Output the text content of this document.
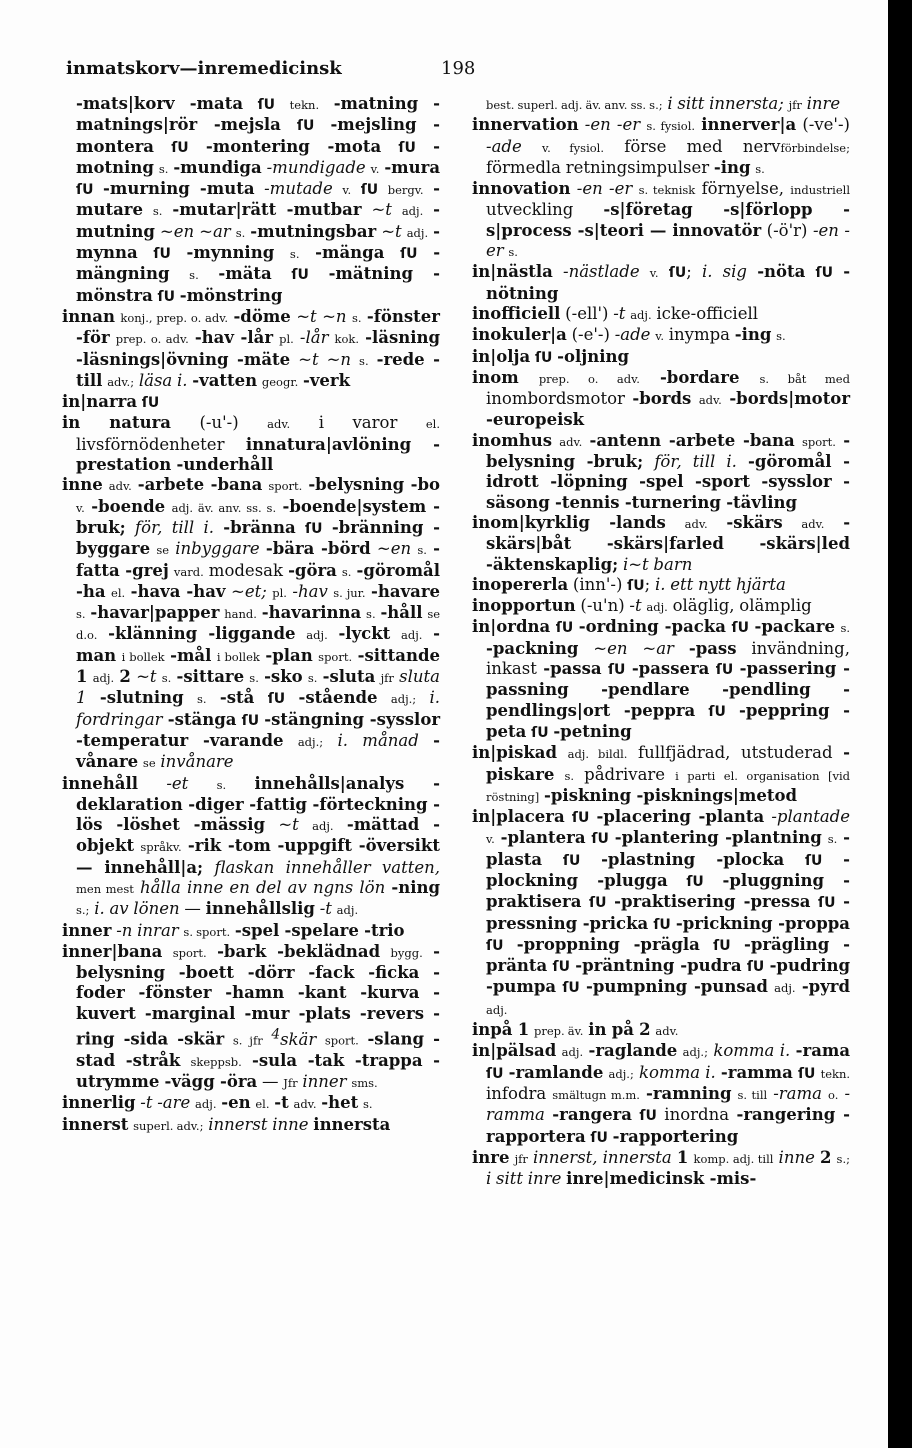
inmatskorv—inremedicinsk	198

-mats|korv -mata ſU tekn. -matning -matnings|rör -mejsla ſU -mejsling -montera ſU -montering -mota ſU -motning s. -mundiga -mundigade v. -mura ſU -murning -muta -mutade v. ſU bergv. -mutare s. -mutar|rätt -mutbar ~t adj. -mutning ~en ~ar s. -mutningsbar ~t adj. -mynna ſU -mynning s. -mänga ſU -mängning s. -mäta ſU -mätning -mönstra ſU -mönstring

innan konj., prep. o. adv. -döme ~t ~n s. -fönster -för prep. o. adv. -hav -lår pl. -lår kok. -läsning -läsnings|övning -mäte ~t ~n s. -rede -till adv.; läsa i. -vatten geogr. -verk

in|narra ſU

in natura (-u'-) adv. i varor el. livsförnödenheter innatura|avlöning -prestation -underhåll

inne adv. -arbete -bana sport. -belysning -bo v. -boende adj. äv. anv. ss. s. -boende|system -bruk; för, till i. -bränna ſU -bränning -byggare se inbyggare -bära -börd ~en s. -fatta -grej vard. modesak -göra s. -göromål -ha el. -hava -hav ~et; pl. -hav s. jur. -havare s. -havar|papper hand. -havarinna s. -håll se d.o. -klänning -liggande adj. -lyckt adj. -man i bollek -mål i bollek -plan sport. -sittande 1 adj. 2 ~t s. -sittare s. -sko s. -sluta jfr sluta 1 -slutning s. -stå ſU -stående adj.; i. fordringar -stänga ſU -stängning -sysslor -temperatur -varande adj.; i. månad -vånare se invånare

innehåll -et s. innehålls|analys -deklaration -diger -fattig -förteckning -lös -löshet -mässig ~t adj. -mättad -objekt språkv. -rik -tom -uppgift -översikt — innehåll|a; flaskan innehåller vatten, men mest hålla inne en del av ngns lön -ning s.; i. av lönen — innehållslig -t adj.

inner -n inrar s. sport. -spel -spelare -trio

inner|bana sport. -bark -beklädnad bygg. -belysning -boett -dörr -fack -ficka -foder -fönster -hamn -kant -kurva -kuvert -marginal -mur -plats -revers -ring -sida -skär s. jfr $^4$skär sport. -slang -stad -stråk skeppsb. -sula -tak -trappa -utrymme -vägg -öra — Jfr inner sms.

innerlig -t -are adj. -en el. -t adv. -het s.

innerst superl. adv.; innerst inne innersta

best. superl. adj. äv. anv. ss. s.; i sitt innersta; jfr inre

innervation -en -er s. fysiol. innerver|a (-ve'-) -ade v. fysiol. förse med nervförbindelse; förmedla retningsimpulser -ing s.

innovation -en -er s. teknisk förnyelse, industriell utveckling -s|företag -s|förlopp -s|process -s|teori — innovatör (-ö'r) -en -er s.

in|nästla -nästlade v. ſU; i. sig -nöta ſU -nötning

inofficiell (-ell') -t adj. icke-officiell

inokuler|a (-e'-) -ade v. inympa -ing s.

in|olja ſU -oljning

inom prep. o. adv. -bordare s. båt med inombordsmotor -bords adv. -bords|motor -europeisk

inomhus adv. -antenn -arbete -bana sport. -belysning -bruk; för, till i. -göromål -idrott -löpning -spel -sport -sysslor -säsong -tennis -turnering -tävling

inom|kyrklig -lands adv. -skärs adv. -skärs|båt -skärs|farled -skärs|led -äktenskaplig; i~t barn

inopererla (inn'-) ſU; i. ett nytt hjärta

inopportun (-u'n) -t adj. oläglig, olämplig

in|ordna ſU -ordning -packa ſU -packare s. -packning ~en ~ar -pass invändning, inkast -passa ſU -passera ſU -passering -passning -pendlare -pendling -pendlings|ort -peppra ſU -peppring -peta ſU -petning

in|piskad adj. bildl. fullfjädrad, utstuderad -piskare s. pådrivare i parti el. organisation [vid röstning] -piskning -pisknings|metod

in|placera ſU -placering -planta -plantade v. -plantera ſU -plantering -plantning s. -plasta ſU -plastning -plocka ſU -plockning -plugga ſU -pluggning -praktisera ſU -praktisering -pressa ſU -pressning -pricka ſU -prickning -proppa ſU -proppning -prägla ſU -prägling -pränta ſU -präntning -pudra ſU -pudring -pumpa ſU -pumpning -punsad adj. -pyrd adj.

inpå 1 prep. äv. in på 2 adv.

in|pälsad adj. -raglande adj.; komma i. -rama ſU -ramlande adj.; komma i. -ramma ſU tekn. infodra smältugn m.m. -ramning s. till -rama o. -ramma -rangera ſU inordna -rangering -rapportera ſU -rapportering

inre jfr innerst, innersta 1 komp. adj. till inne 2 s.; i sitt inre inre|medicinsk -mis-
